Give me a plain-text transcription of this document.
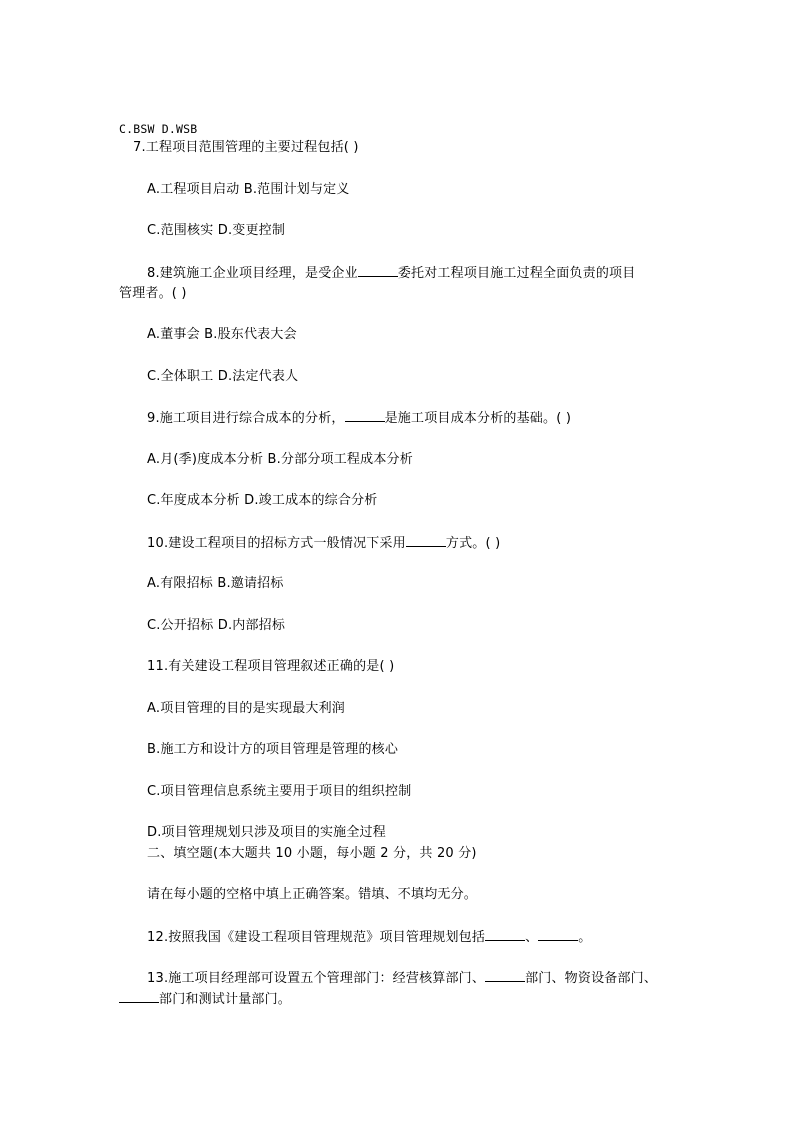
C.BSW D.WSB
7.工程项目范围管理的主要过程包括( )
A.工程项目启动 B.范围计划与定义
C.范围核实 D.变更控制
8.建筑施工企业项目经理，是受企业	委托对工程项目施工过程全面负责的项目
管理者。( )
A.董事会 B.股东代表大会
C.全体职工 D.法定代表人
9.施工项目进行综合成本的分析，	是施工项目成本分析的基础。( )
A.月(季)度成本分析 B.分部分项工程成本分析
C.年度成本分析 D.竣工成本的综合分析
10.建设工程项目的招标方式一般情况下采用	方式。( )
A.有限招标 B.邀请招标
C.公开招标 D.内部招标
11.有关建设工程项目管理叙述正确的是( )
A.项目管理的目的是实现最大利润
B.施工方和设计方的项目管理是管理的核心
C.项目管理信息系统主要用于项目的组织控制
D.项目管理规划只涉及项目的实施全过程
二、填空题(本大题共 10 小题，每小题 2 分，共 20 分)
请在每小题的空格中填上正确答案。错填、不填均无分。
12.按照我国《建设工程项目管理规范》项目管理规划包括	、	。
13.施工项目经理部可设置五个管理部门：经营核算部门、	部门、物资设备部门、
部门和测试计量部门。
